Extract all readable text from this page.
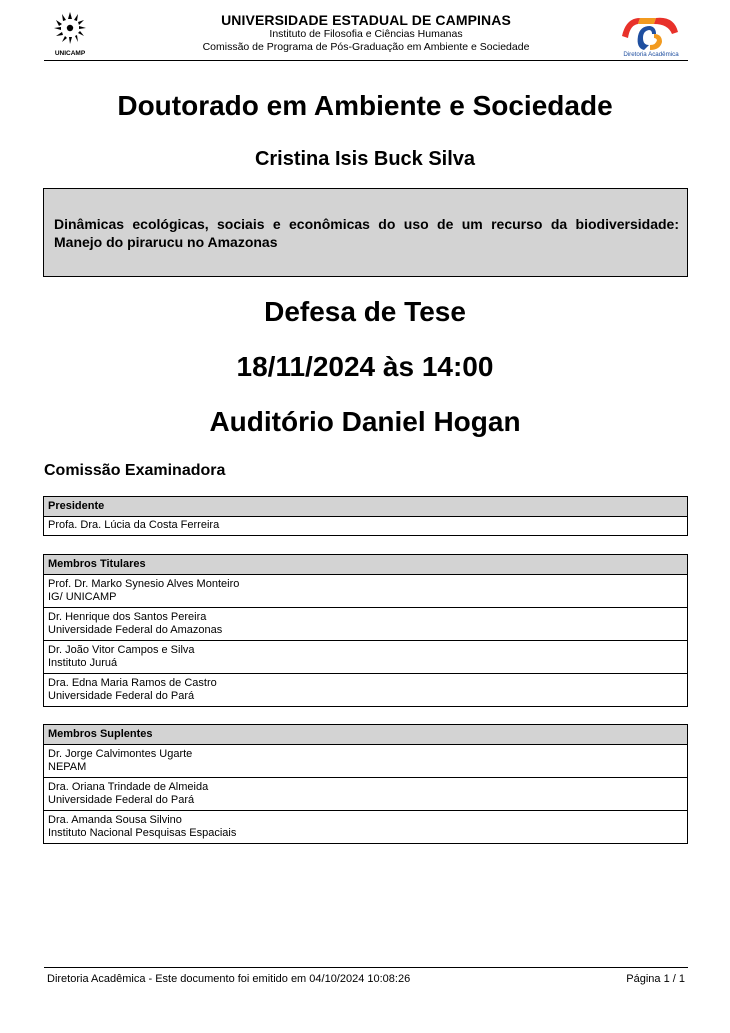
UNICAMP
UNIVERSIDADE ESTADUAL DE CAMPINAS
Instituto de Filosofia e Ciências Humanas
Comissão de Programa de Pós-Graduação em Ambiente e Sociedade
Diretoria Acadêmica
Doutorado em Ambiente e Sociedade
Cristina Isis Buck Silva
Dinâmicas ecológicas, sociais e econômicas do uso de um recurso da biodiversidade: Manejo do pirarucu no Amazonas
Defesa de Tese
18/11/2024 às 14:00
Auditório Daniel Hogan
Comissão Examinadora
Presidente
Profa. Dra. Lúcia da Costa Ferreira
Membros Titulares
Prof. Dr. Marko Synesio Alves Monteiro
IG/ UNICAMP
Dr. Henrique dos Santos Pereira
Universidade Federal do Amazonas
Dr. João Vitor Campos e Silva
Instituto Juruá
Dra. Edna Maria Ramos de Castro
Universidade Federal do Pará
Membros Suplentes
Dr. Jorge Calvimontes Ugarte
NEPAM
Dra. Oriana Trindade de Almeida
Universidade Federal do Pará
Dra. Amanda Sousa Silvino
Instituto Nacional Pesquisas Espaciais
Diretoria Acadêmica - Este documento foi emitido em 04/10/2024 10:08:26	Página 1 / 1
